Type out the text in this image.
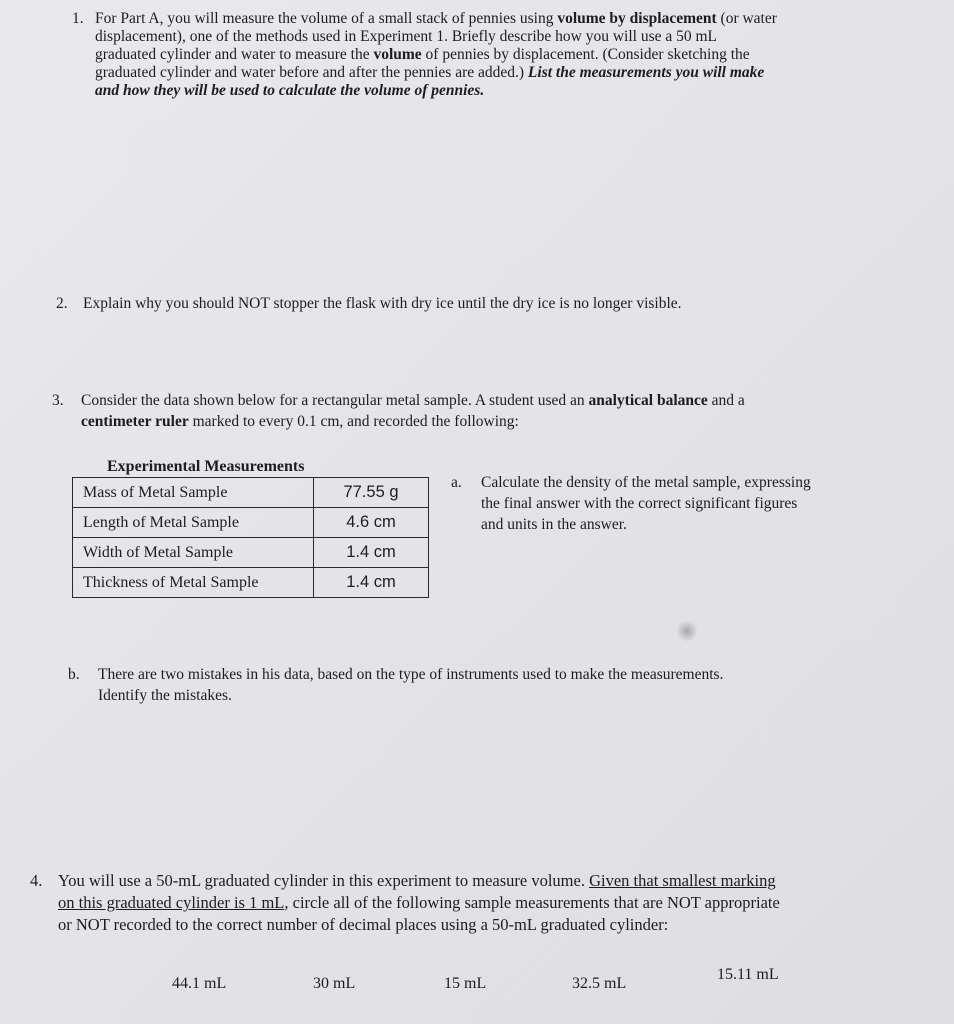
1. For Part A, you will measure the volume of a small stack of pennies using volume by displacement (or water
displacement), one of the methods used in Experiment 1. Briefly describe how you will use a 50 mL
graduated cylinder and water to measure the volume of pennies by displacement. (Consider sketching the
graduated cylinder and water before and after the pennies are added.) List the measurements you will make
and how they will be used to calculate the volume of pennies.
2. Explain why you should NOT stopper the flask with dry ice until the dry ice is no longer visible.
3. Consider the data shown below for a rectangular metal sample. A student used an analytical balance and a
centimeter ruler marked to every 0.1 cm, and recorded the following:
Experimental Measurements
Mass of Metal Sample	77.55 g
Length of Metal Sample	4.6 cm
Width of Metal Sample	1.4 cm
Thickness of Metal Sample	1.4 cm
a. Calculate the density of the metal sample, expressing
the final answer with the correct significant figures
and units in the answer.
b. There are two mistakes in his data, based on the type of instruments used to make the measurements.
Identify the mistakes.
4. You will use a 50-mL graduated cylinder in this experiment to measure volume. Given that smallest marking
on this graduated cylinder is 1 mL, circle all of the following sample measurements that are NOT appropriate
or NOT recorded to the correct number of decimal places using a 50-mL graduated cylinder:
44.1 mL	30 mL	15 mL	32.5 mL
15.11 mL
